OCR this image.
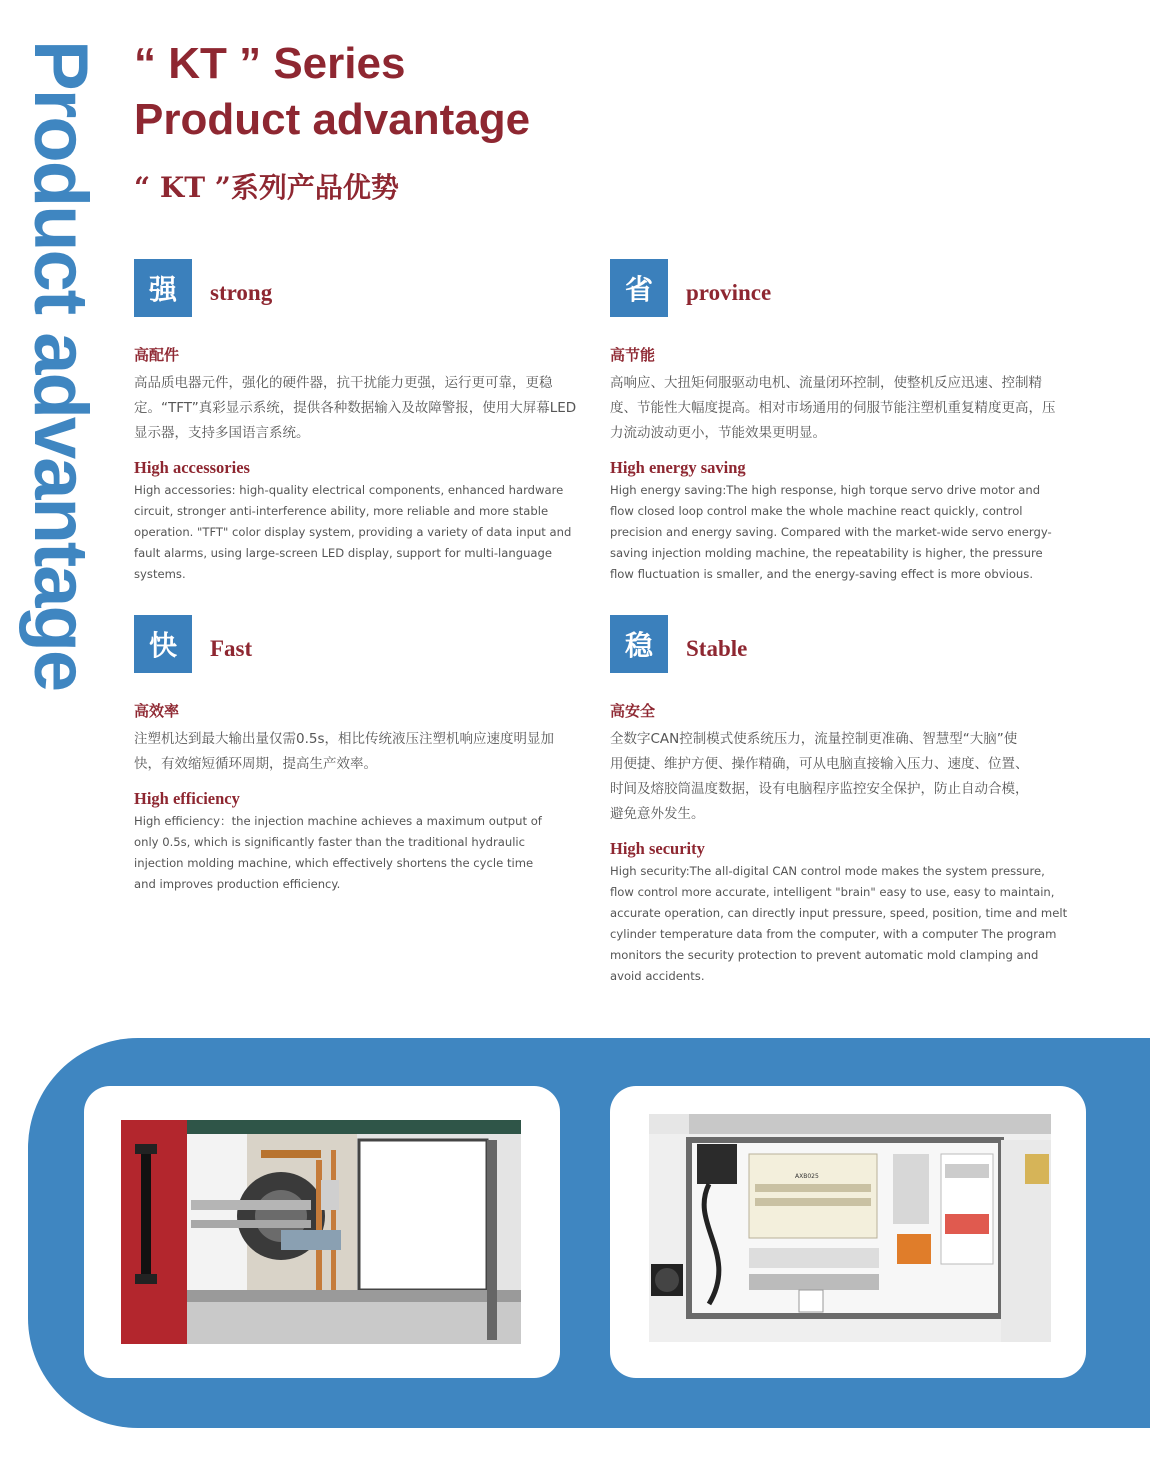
Product advantage “ KT ” Series
Product advantage
“ KT ”系列产品优势
强	strong
高配件
高品质电器元件，强化的硬件器，抗干扰能力更强，运行更可靠，更稳定。“TFT”真彩显示系统，提供各种数据输入及故障警报，使用大屏幕LED显示器，支持多国语言系统。
High accessories
High accessories: high-quality electrical components, enhanced hardware circuit, stronger anti-interference ability, more reliable and more stable operation. "TFT" color display system, providing a variety of data input and fault alarms, using large-screen LED display, support for multi-language systems.
省	province
高节能
高响应、大扭矩伺服驱动电机、流量闭环控制，使整机反应迅速、控制精度、节能性大幅度提高。相对市场通用的伺服节能注塑机重复精度更高，压力流动波动更小，节能效果更明显。
High energy saving
High energy saving:The high response, high torque servo drive motor and flow closed loop control make the whole machine react quickly, control precision and energy saving. Compared with the market-wide servo energy-saving injection molding machine, the repeatability is higher, the pressure flow fluctuation is smaller, and the energy-saving effect is more obvious.
快	Fast
高效率
注塑机达到最大输出量仅需0.5s，相比传统液压注塑机响应速度明显加快，有效缩短循环周期，提高生产效率。
High efficiency
High efficiency：the injection machine achieves a maximum output of only 0.5s, which is significantly faster than the traditional hydraulic injection molding machine, which effectively shortens the cycle time and improves production efficiency.
稳	Stable
高安全
全数字CAN控制模式使系统压力，流量控制更准确、智慧型“大脑”使用便捷、维护方便、操作精确，可从电脑直接输入压力、速度、位置、时间及熔胶筒温度数据，设有电脑程序监控安全保护，防止自动合模，避免意外发生。
High security
High security:The all-digital CAN control mode makes the system pressure, flow control more accurate, intelligent "brain" easy to use, easy to maintain, accurate operation, can directly input pressure, speed, position, time and melt cylinder temperature data from the computer, with a computer The program monitors the security protection to prevent automatic mold clamping and avoid accidents.
AXB025
